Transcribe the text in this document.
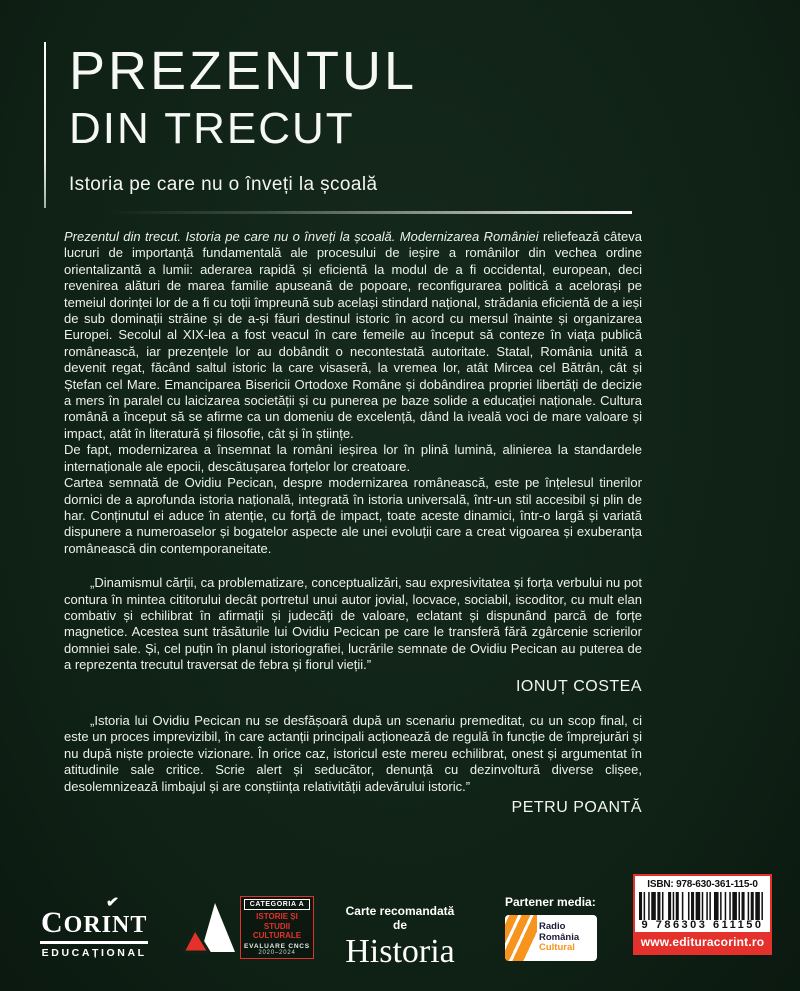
PREZENTUL
DIN TRECUT

Istoria pe care nu o înveți la școală

Prezentul din trecut. Istoria pe care nu o înveți la școală. Modernizarea României reliefează câteva lucruri de importanță fundamentală ale procesului de ieșire a românilor din vechea ordine orientalizantă a lumii: aderarea rapidă și eficientă la modul de a fi occidental, european, deci revenirea alături de marea familie apuseană de popoare, reconfigurarea politică a acelorași pe temeiul dorinței lor de a fi cu toții împreună sub același stindard național, strădania eficientă de a ieși de sub dominații străine și de a-și făuri destinul istoric în acord cu mersul înainte și organizarea Europei. Secolul al XIX-lea a fost veacul în care femeile au început să conteze în viața publică românească, iar prezențele lor au dobândit o necontestată autoritate. Statal, România unită a devenit regat, făcând saltul istoric la care visaseră, la vremea lor, atât Mircea cel Bătrân, cât și Ștefan cel Mare. Emanciparea Bisericii Ortodoxe Române și dobândirea propriei libertăți de decizie a mers în paralel cu laicizarea societății și cu punerea pe baze solide a educației naționale. Cultura română a început să se afirme ca un domeniu de excelență, dând la iveală voci de mare valoare și impact, atât în literatură și filosofie, cât și în științe.

De fapt, modernizarea a însemnat la români ieșirea lor în plină lumină, alinierea la standardele internaționale ale epocii, descătușarea forțelor lor creatoare.

Cartea semnată de Ovidiu Pecican, despre modernizarea românească, este pe înțelesul tinerilor dornici de a aprofunda istoria națională, integrată în istoria universală, într-un stil accesibil și plin de har. Conținutul ei aduce în atenție, cu forță de impact, toate aceste dinamici, într-o largă și variată dispunere a numeroaselor și bogatelor aspecte ale unei evoluții care a creat vigoarea și exuberanța românească din contemporaneitate.

„Dinamismul cărții, ca problematizare, conceptualizări, sau expresivitatea și forța verbului nu pot contura în mintea cititorului decât portretul unui autor jovial, locvace, sociabil, iscoditor, cu mult elan combativ și echilibrat în afirmații și judecăți de valoare, eclatant și dispunând parcă de forțe magnetice. Acestea sunt trăsăturile lui Ovidiu Pecican pe care le transferă fără zgârcenie scrierilor domniei sale. Și, cel puțin în planul istoriografiei, lucrările semnate de Ovidiu Pecican au puterea de a reprezenta trecutul traversat de febra și fiorul vieții.”

IONUȚ COSTEA

„Istoria lui Ovidiu Pecican nu se desfășoară după un scenariu premeditat, cu un scop final, ci este un proces imprevizibil, în care actanții principali acționează de regulă în funcție de împrejurări și nu după niște proiecte vizionare. În orice caz, istoricul este mereu echilibrat, onest și argumentat în atitudinile sale critice. Scrie alert și seducător, denunță cu dezinvoltură diverse clișee, desolemnizează limbajul și are conștiința relativității adevărului istoric.”

PETRU POANTĂ
✔
CORINT
EDUCAȚIONAL
CATEGORIA A
ISTORIE ȘI STUDII
CULTURALE
EVALUARE CNCS
2020–2024
Carte recomandată de
Historia
Partener media:
Radio
România
Cultural
ISBN: 978-630-361-115-0
9 786303 611150
www.edituracorint.ro
